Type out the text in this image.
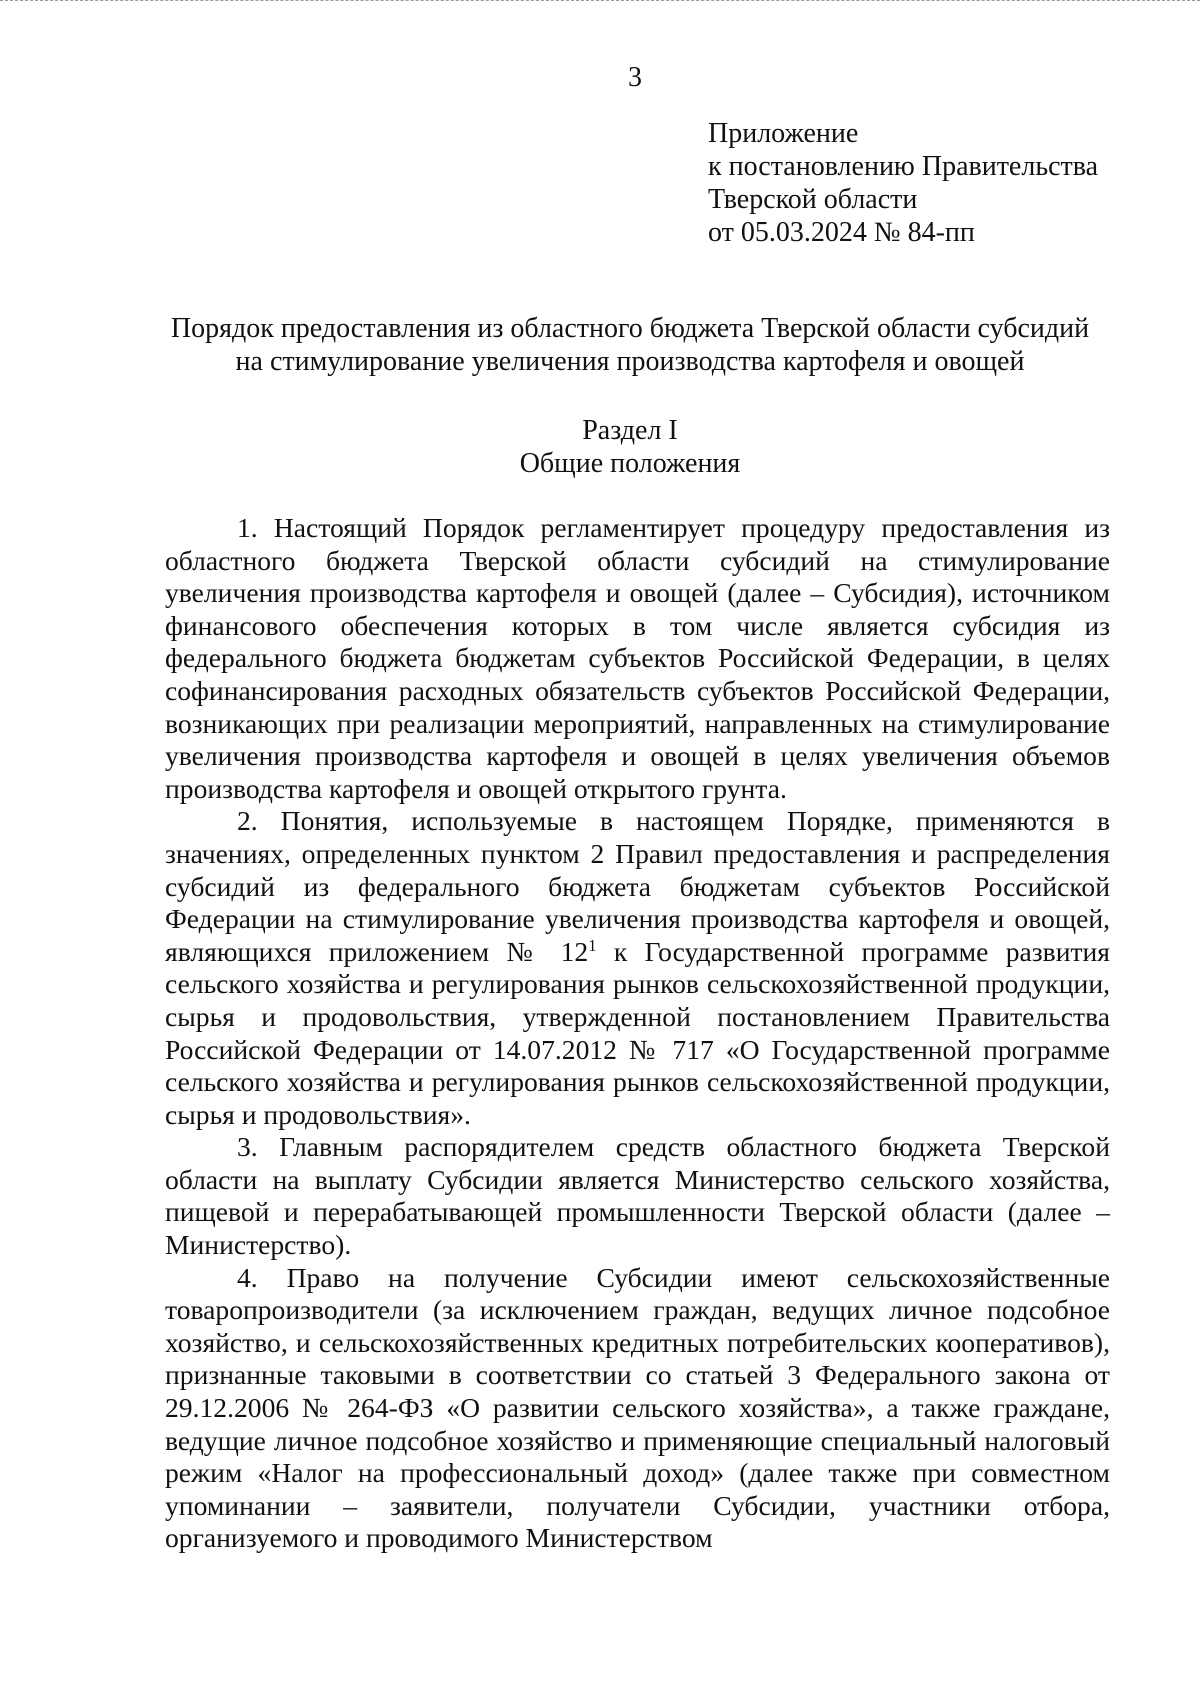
3
Приложение
к постановлению Правительства
Тверской области
от 05.03.2024 № 84-пп
Порядок предоставления из областного бюджета Тверской области субсидий
на стимулирование увеличения производства картофеля и овощей
Раздел I
Общие положения

1. Настоящий Порядок регламентирует процедуру предоставления из областного бюджета Тверской области субсидий на стимулирование увеличения производства картофеля и овощей (далее – Субсидия), источником финансового обеспечения которых в том числе является субсидия из федерального бюджета бюджетам субъектов Российской Федерации, в целях софинансирования расходных обязательств субъектов Российской Федерации, возникающих при реализации мероприятий, направленных на стимулирование увеличения производства картофеля и овощей в целях увеличения объемов производства картофеля и овощей открытого грунта.

2. Понятия, используемые в настоящем Порядке, применяются в значениях, определенных пунктом 2 Правил предоставления и распределения субсидий из федерального бюджета бюджетам субъектов Российской Федерации на стимулирование увеличения производства картофеля и овощей, являющихся приложением № $12^1$ к Государственной программе развития сельского хозяйства и регулирования рынков сельскохозяйственной продукции, сырья и продовольствия, утвержденной постановлением Правительства Российской Федерации от 14.07.2012 № 717 «О Государственной программе сельского хозяйства и регулирования рынков сельскохозяйственной продукции, сырья и продовольствия».

3. Главным распорядителем средств областного бюджета Тверской области на выплату Субсидии является Министерство сельского хозяйства, пищевой и перерабатывающей промышленности Тверской области (далее – Министерство).

4. Право на получение Субсидии имеют сельскохозяйственные товаропроизводители (за исключением граждан, ведущих личное подсобное хозяйство, и сельскохозяйственных кредитных потребительских кооперативов), признанные таковыми в соответствии со статьей 3 Федерального закона от 29.12.2006 № 264-ФЗ «О развитии сельского хозяйства», а также граждане, ведущие личное подсобное хозяйство и применяющие специальный налоговый режим «Налог на профессиональный доход» (далее также при совместном упоминании – заявители, получатели Субсидии, участники отбора, организуемого и проводимого Министерством
